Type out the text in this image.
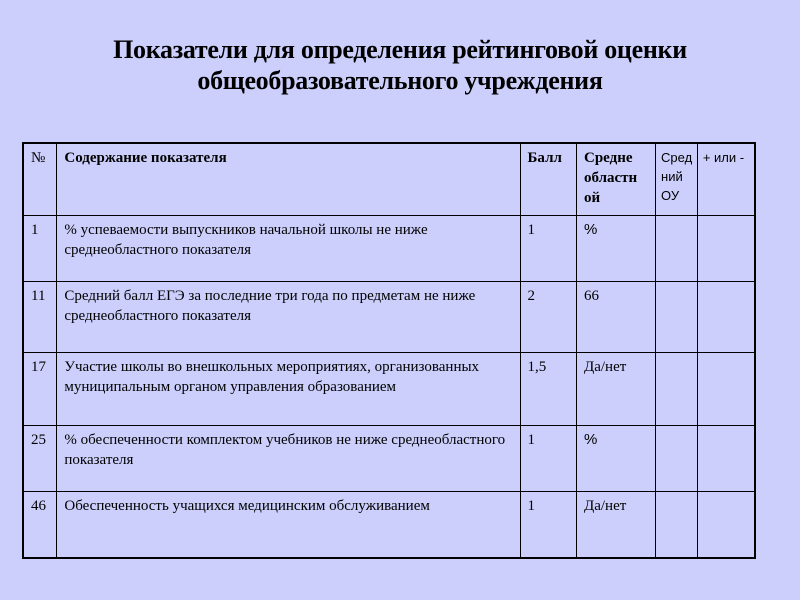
Показатели для определения рейтинговой оценки
общеобразовательного учреждения
№	Содержание показателя	Балл	Средне областн ой	Сред ний ОУ	+ или -
1	% успеваемости выпускников начальной школы не ниже среднеобластного показателя	1	%		
11	Средний балл ЕГЭ за последние три года по предметам не ниже среднеобластного показателя	2	66		
17	Участие школы во внешкольных мероприятиях, организованных муниципальным органом управления образованием	1,5	Да/нет		
25	% обеспеченности комплектом учебников не ниже среднеобластного показателя	1	%		
46	Обеспеченность учащихся медицинским обслуживанием	1	Да/нет		
